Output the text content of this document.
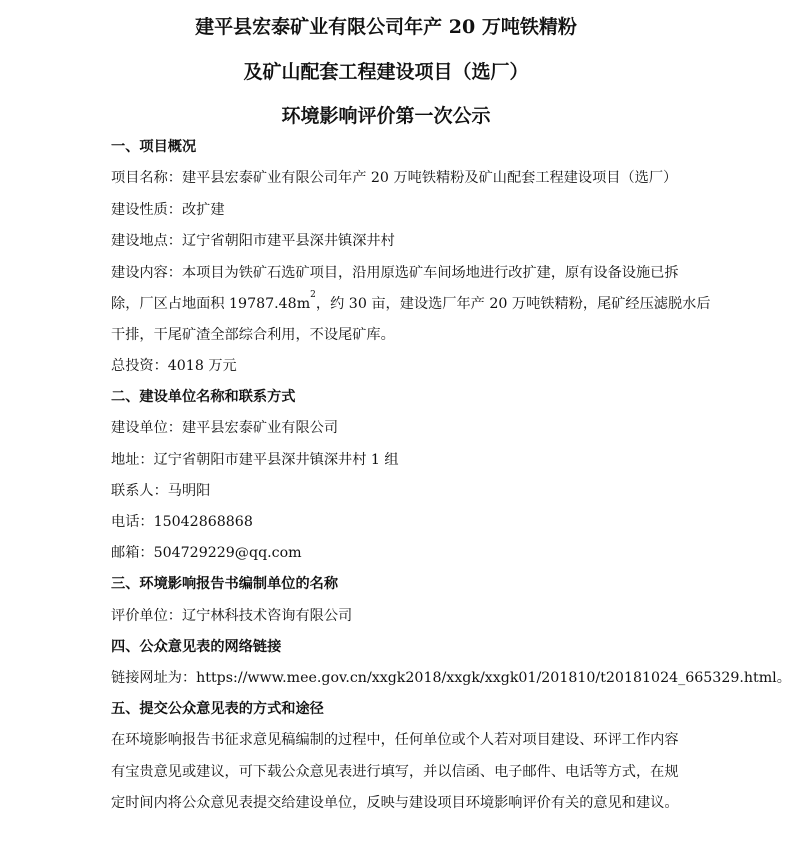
建平县宏泰矿业有限公司年产 20 万吨铁精粉
及矿山配套工程建设项目（选厂）
环境影响评价第一次公示
一、项目概况
项目名称：建平县宏泰矿业有限公司年产 20 万吨铁精粉及矿山配套工程建设项目（选厂）
建设性质：改扩建
建设地点：辽宁省朝阳市建平县深井镇深井村
建设内容：本项目为铁矿石选矿项目，沿用原选矿车间场地进行改扩建，原有设备设施已拆
除，厂区占地面积 $19787.48m^2$，约 30 亩，建设选厂年产 20 万吨铁精粉，尾矿经压滤脱水后
干排，干尾矿渣全部综合利用，不设尾矿库。
总投资：4018 万元
二、建设单位名称和联系方式
建设单位：建平县宏泰矿业有限公司
地址：辽宁省朝阳市建平县深井镇深井村 1 组
联系人：马明阳
电话：15042868868
邮箱：504729229@qq.com
三、环境影响报告书编制单位的名称
评价单位：辽宁林科技术咨询有限公司
四、公众意见表的网络链接
链接网址为：https://www.mee.gov.cn/xxgk2018/xxgk/xxgk01/201810/t20181024_665329.html。
五、提交公众意见表的方式和途径
在环境影响报告书征求意见稿编制的过程中，任何单位或个人若对项目建设、环评工作内容
有宝贵意见或建议，可下载公众意见表进行填写，并以信函、电子邮件、电话等方式，在规
定时间内将公众意见表提交给建设单位，反映与建设项目环境影响评价有关的意见和建议。
